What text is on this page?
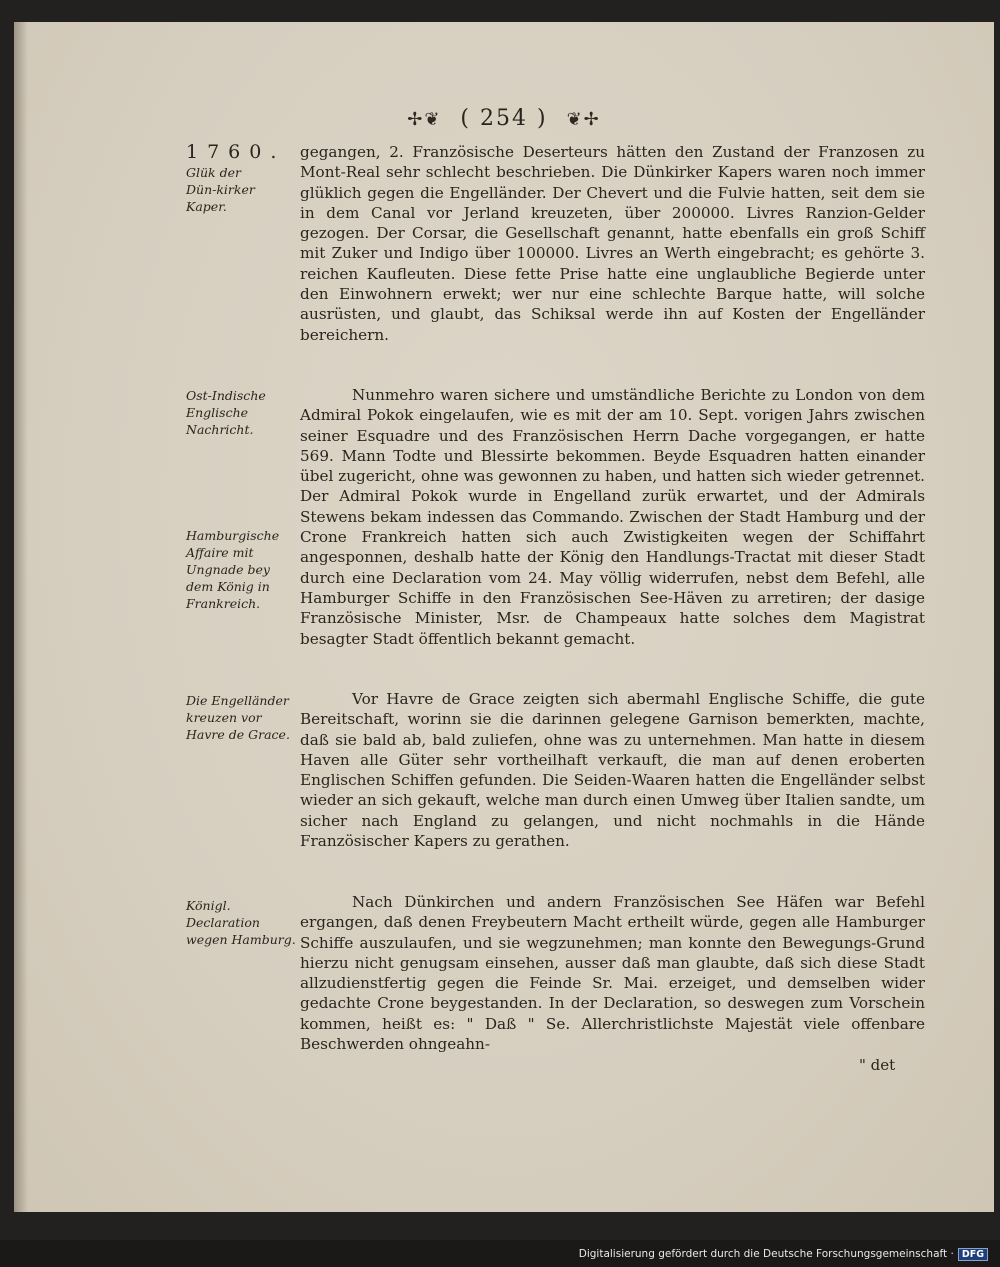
✢❦ ( 254 ) ❦✢
1760.
Glük der Dün‑kirker Kaper.

gegangen, 2. Französische Deserteurs hätten den Zustand der Franzosen zu Mont‑Real sehr schlecht beschrieben. Die Dünkirker Kapers waren noch immer glüklich gegen die Engelländer. Der Chevert und die Fulvie hatten, seit dem sie in dem Canal vor Jerland kreuzeten, über 200000. Livres Ranzion‑Gelder gezogen. Der Corsar, die Gesellschaft genannt, hatte ebenfalls ein groß Schiff mit Zuker und Indigo über 100000. Livres an Werth eingebracht; es gehörte 3. reichen Kaufleuten. Diese fette Prise hatte eine unglaubliche Begierde unter den Einwohnern erwekt; wer nur eine schlechte Barque hatte, will solche ausrüsten, und glaubt, das Schiksal werde ihn auf Kosten der Engelländer bereichern.

Ost‑Indische Englische Nachricht.
Hamburgische Affaire mit Ungnade bey dem König in Frankreich.

Nunmehro waren sichere und umständliche Berichte zu London von dem Admiral Pokok eingelaufen, wie es mit der am 10. Sept. vorigen Jahrs zwischen seiner Esquadre und des Französischen Herrn Dache vorgegangen, er hatte 569. Mann Todte und Blessirte bekommen. Beyde Esquadren hatten einander übel zugericht, ohne was gewonnen zu haben, und hatten sich wieder getrennet. Der Admiral Pokok wurde in Engelland zurük erwartet, und der Admirals Stewens bekam indessen das Commando. Zwischen der Stadt Hamburg und der Crone Frankreich hatten sich auch Zwistigkeiten wegen der Schiffahrt angesponnen, deshalb hatte der König den Handlungs‑Tractat mit dieser Stadt durch eine Declaration vom 24. May völlig widerrufen, nebst dem Befehl, alle Hamburger Schiffe in den Französischen See‑Häven zu arretiren; der dasige Französische Minister, Msr. de Champeaux hatte solches dem Magistrat besagter Stadt öffentlich bekannt gemacht.

Die Engelländer kreuzen vor Havre de Grace.

Vor Havre de Grace zeigten sich abermahl Englische Schiffe, die gute Bereitschaft, worinn sie die darinnen gelegene Garnison bemerkten, machte, daß sie bald ab, bald zuliefen, ohne was zu unternehmen. Man hatte in diesem Haven alle Güter sehr vortheilhaft verkauft, die man auf denen eroberten Englischen Schiffen gefunden. Die Seiden‑Waaren hatten die Engelländer selbst wieder an sich gekauft, welche man durch einen Umweg über Italien sandte, um sicher nach England zu gelangen, und nicht nochmahls in die Hände Französischer Kapers zu gerathen.

Königl. Declaration wegen Hamburg.

Nach Dünkirchen und andern Französischen See Häfen war Befehl ergangen, daß denen Freybeutern Macht ertheilt würde, gegen alle Hamburger Schiffe auszulaufen, und sie wegzunehmen; man konnte den Bewegungs‑Grund hierzu nicht genugsam einsehen, ausser daß man glaubte, daß sich diese Stadt allzudienstfertig gegen die Feinde Sr. Mai. erzeiget, und demselben wider gedachte Crone beygestanden. In der Declaration, so deswegen zum Vorschein kommen, heißt es: " Daß " Se. Allerchristlichste Majestät viele offenbare Beschwerden ohngeahn‑

" det
Digitalisierung gefördert durch die Deutsche Forschungsgemeinschaft · DFG
